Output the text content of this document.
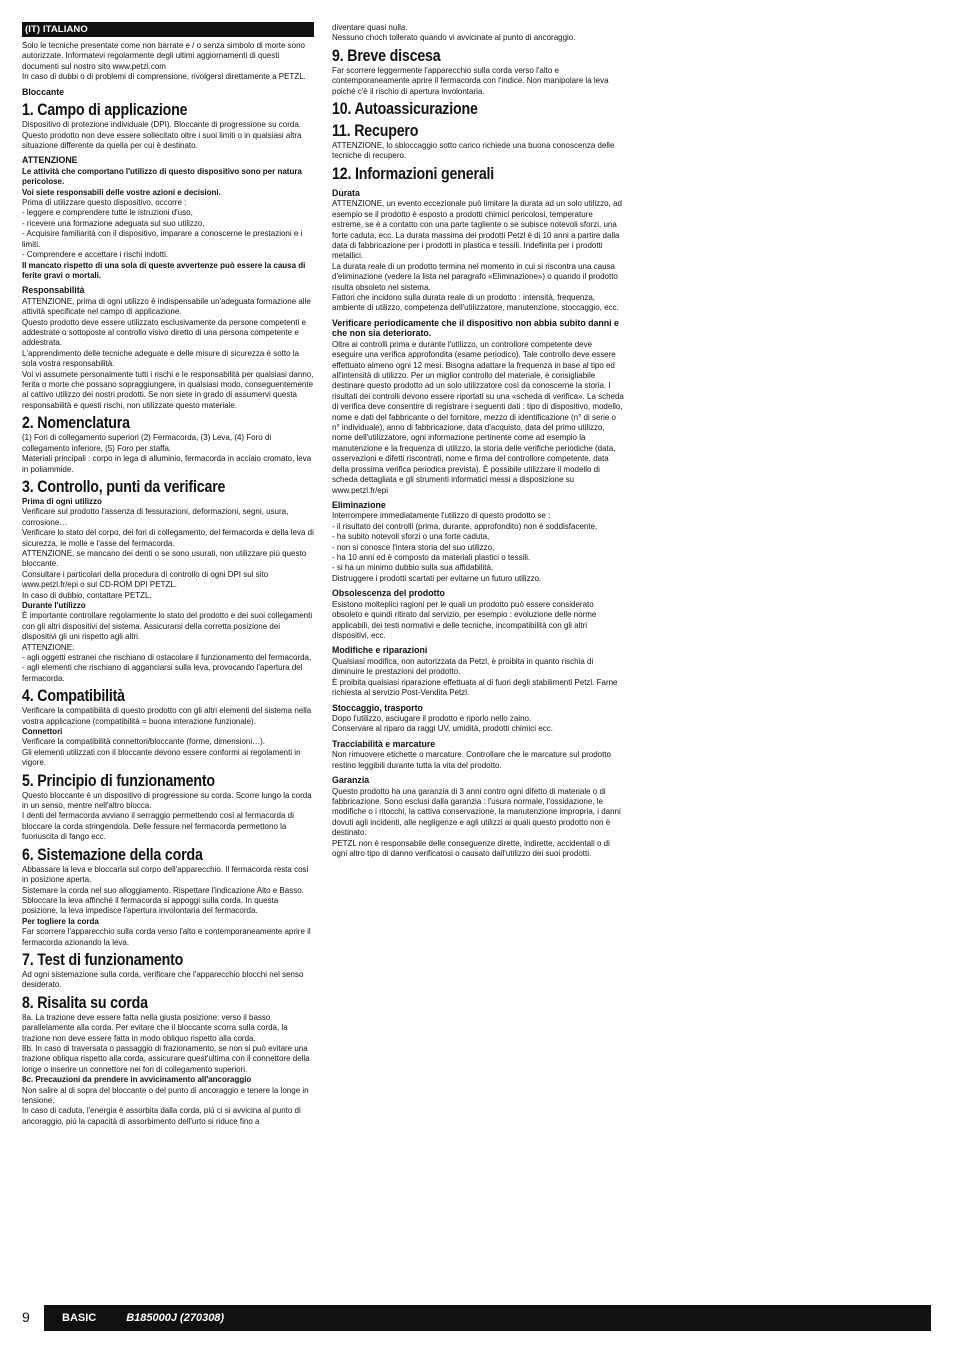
(IT) ITALIANO

Solo le tecniche presentate come non barrate e / o senza simbolo di morte sono autorizzate. Informatevi regolarmente degli ultimi aggiornamenti di questi documenti sul nostro sito www.petzl.com

In caso di dubbi o di problemi di comprensione, rivolgersi direttamente a PETZL.

Bloccante
1. Campo di applicazione

Dispositivo di protezione individuale (DPI). Bloccante di progressione su corda.

Questo prodotto non deve essere sollecitato oltre i suoi limiti o in qualsiasi altra situazione differente da quella per cui è destinato.

ATTENZIONE

Le attività che comportano l'utilizzo di questo dispositivo sono per natura pericolose.

Voi siete responsabili delle vostre azioni e decisioni.

Prima di utilizzare questo dispositivo, occorre :

- leggere e comprendere tutte le istruzioni d'uso,

- ricevere una formazione adeguata sul suo utilizzo,

- Acquisire familiarità con il dispositivo, imparare a conoscerne le prestazioni e i limiti.

- Comprendere e accettare i rischi indotti.

Il mancato rispetto di una sola di queste avvertenze può essere la causa di ferite gravi o mortali.

Responsabilità

ATTENZIONE, prima di ogni utilizzo è indispensabile un'adeguata formazione alle attività specificate nel campo di applicazione.

Questo prodotto deve essere utilizzato esclusivamente da persone competenti e addestrate o sottoposte al controllo visivo diretto di una persona competente e addestrata.

L'apprendimento delle tecniche adeguate e delle misure di sicurezza è sotto la sola vostra responsabilità.

Voi vi assumete personalmente tutti i rischi e le responsabilità per qualsiasi danno, ferita o morte che possano sopraggiungere, in qualsiasi modo, conseguentemente al cattivo utilizzo dei nostri prodotti. Se non siete in grado di assumervi questa responsabilità e questi rischi, non utilizzate questo materiale.

2. Nomenclatura

(1) Fori di collegamento superiori (2) Fermacorda, (3) Leva, (4) Foro di collegamento inferiore, (5) Foro per staffa.

Materiali principali : corpo in lega di alluminio, fermacorda in acciaio cromato, leva in poliammide.

3. Controllo, punti da verificare

Prima di ogni utilizzo

Verificare sul prodotto l'assenza di fessurazioni, deformazioni, segni, usura, corrosione…

Verificare lo stato del corpo, dei fori di collegamento, del fermacorda e della leva di sicurezza, le molle e l'asse del fermacorda.

ATTENZIONE, se mancano dei denti o se sono usurati, non utilizzare più questo bloccante.

Consultare i particolari della procedura di controllo di ogni DPI sul sito www.petzl.fr/epi o sul CD-ROM DPI PETZL.

In caso di dubbio, contattare PETZL.

Durante l'utilizzo

È importante controllare regolarmente lo stato del prodotto e dei suoi collegamenti con gli altri dispositivi del sistema. Assicurarsi della corretta posizione dei dispositivi gli uni rispetto agli altri.

ATTENZIONE:

- agli oggetti estranei che rischiano di ostacolare il funzionamento del fermacorda,

- agli elementi che rischiano di agganciarsi sulla leva, provocando l'apertura del fermacorda.

4. Compatibilità

Verificare la compatibilità di questo prodotto con gli altri elementi del sistema nella vostra applicazione (compatibilità = buona interazione funzionale).

Connettori

Verificare la compatibilità connettori/bloccante (forme, dimensioni…).

Gli elementi utilizzati con il bloccante devono essere conformi ai regolamenti in vigore.

5. Principio di funzionamento

Questo bloccante è un dispositivo di progressione su corda. Scorre lungo la corda in un senso, mentre nell'altro blocca.

I denti del fermacorda avviano il serraggio permettendo così al fermacorda di bloccare la corda stringendola. Delle fessure nel fermacorda permettono la fuoriuscita di fango ecc.

6. Sistemazione della corda

Abbassare la leva e bloccarla sul corpo dell'apparecchio. Il fermacorda resta così in posizione aperta.

Sistemare la corda nel suo alloggiamento. Rispettare l'indicazione Alto e Basso. Sbloccare la leva affinché il fermacorda si appoggi sulla corda. In questa posizione, la leva impedisce l'apertura involontaria del fermacorda.

Per togliere la corda

Far scorrere l'apparecchio sulla corda verso l'alto e contemporaneamente aprire il fermacorda azionando la leva.

7. Test di funzionamento

Ad ogni sistemazione sulla corda, verificare che l'apparecchio blocchi nel senso desiderato.

8. Risalita su corda

8a. La trazione deve essere fatta nella giusta posizione: verso il basso parallelamente alla corda. Per evitare che il bloccante scorra sulla corda, la trazione non deve essere fatta in modo obliquo rispetto alla corda.

8b. In caso di traversata o passaggio di frazionamento, se non si può evitare una trazione obliqua rispetto alla corda, assicurare quest'ultima con il connettore della longe o inserire un connettore nei fori di collegamento superiori.

8c. Precauzioni da prendere in avvicinamento all'ancoraggio

Non salire al di sopra del bloccante o del punto di ancoraggio e tenere la longe in tensione.

In caso di caduta, l'energia è assorbita dalla corda, più ci si avvicina al punto di ancoraggio, più la capacità di assorbimento dell'urto si riduce fino a

diventare quasi nulla.

Nessuno choch tollerato quando vi avvicinate al punto di ancoraggio.

9. Breve discesa

Far scorrere leggermente l'apparecchio sulla corda verso l'alto e contemporaneamente aprire il fermacorda con l'indice. Non manipolare la leva poiché c'è il rischio di apertura involontaria.

10. Autoassicurazione
11. Recupero

ATTENZIONE, lo sbloccaggio sotto carico richiede una buona conoscenza delle tecniche di recupero.

12. Informazioni generali
Durata

ATTENZIONE, un evento eccezionale può limitare la durata ad un solo utilizzo, ad esempio se il prodotto è esposto a prodotti chimici pericolosi, temperature estreme, se è a contatto con una parte tagliente o se subisce notevoli sforzi, una forte caduta, ecc. La durata massima dei prodotti Petzl è di 10 anni a partire dalla data di fabbricazione per i prodotti in plastica e tessili. Indefinita per i prodotti metallici.

La durata reale di un prodotto termina nel momento in cui si riscontra una causa d'eliminazione (vedere la lista nel paragrafo «Eliminazione») o quando il prodotto risulta obsoleto nel sistema.

Fattori che incidono sulla durata reale di un prodotto : intensità, frequenza, ambiente di utilizzo, competenza dell'utilizzatore, manutenzione, stoccaggio, ecc.

Verificare periodicamente che il dispositivo non abbia subito danni e che non sia deteriorato.

Oltre ai controlli prima e durante l'utilizzo, un controllore competente deve eseguire una verifica approfondita (esame periodico). Tale controllo deve essere effettuato almeno ogni 12 mesi. Bisogna adattare la frequenza in base al tipo ed all'intensità di utilizzo. Per un miglior controllo del materiale, è consigliabile destinare questo prodotto ad un solo utilizzatore così da conoscerne la storia. I risultati dei controlli devono essere riportati su una «scheda di verifica». La scheda di verifica deve consentire di registrare i seguenti dati : tipo di dispositivo, modello, nome e dati del fabbricante o del fornitore, mezzo di identificazione (n° di serie o n° individuale), anno di fabbricazione, data d'acquisto, data del primo utilizzo, nome dell'utilizzatore, ogni informazione pertinente come ad esempio la manutenzione e la frequenza di utilizzo, la storia delle verifiche periodiche (data, osservazioni e difetti riscontrati, nome e firma del controllore competente, data della prossima verifica periodica prevista). È possibile utilizzare il modello di scheda dettagliata e gli strumenti informatici messi a disposizione su www.petzl.fr/epi

Eliminazione

Interrompere immediatamente l'utilizzo di questo prodotto se :

- il risultato dei controlli (prima, durante, approfondito) non è soddisfacente,

- ha subito notevoli sforzi o una forte caduta,

- non si conosce l'intera storia del suo utilizzo,

- ha 10 anni ed è composto da materiali plastici o tessili.

- si ha un minimo dubbio sulla sua affidabilità.

Distruggere i prodotti scartati per evitarne un futuro utilizzo.

Obsolescenza del prodotto

Esistono molteplici ragioni per le quali un prodotto può essere considerato obsoleto e quindi ritirato dal servizio, per esempio : evoluzione delle norme applicabili, dei testi normativi e delle tecniche, incompatibilità con gli altri dispositivi, ecc.

Modifiche e riparazioni

Qualsiasi modifica, non autorizzata da Petzl, è proibita in quanto rischia di diminuire le prestazioni del prodotto.

È proibita qualsiasi riparazione effettuata al di fuori degli stabilimenti Petzl. Farne richiesta al servizio Post-Vendita Petzl.

Stoccaggio, trasporto

Dopo l'utilizzo, asciugare il prodotto e riporlo nello zaino.

Conservare al riparo da raggi UV, umidità, prodotti chimici ecc.

Tracciabilità e marcature

Non rimuovere etichette o marcature. Controllare che le marcature sul prodotto restino leggibili durante tutta la vita del prodotto.

Garanzia

Questo prodotto ha una garanzia di 3 anni contro ogni difetto di materiale o di fabbricazione. Sono esclusi dalla garanzia : l'usura normale, l'ossidazione, le modifiche o i ritocchi, la cattiva conservazione, la manutenzione impropria, i danni dovuti agli incidenti, alle negligenze e agli utilizzi ai quali questo prodotto non è destinato.

PETZL non è responsabile delle conseguenze dirette, indirette, accidentali o di ogni altro tipo di danno verificatosi o causato dall'utilizzo dei suoi prodotti.

9	BASIC	B185000J (270308)
